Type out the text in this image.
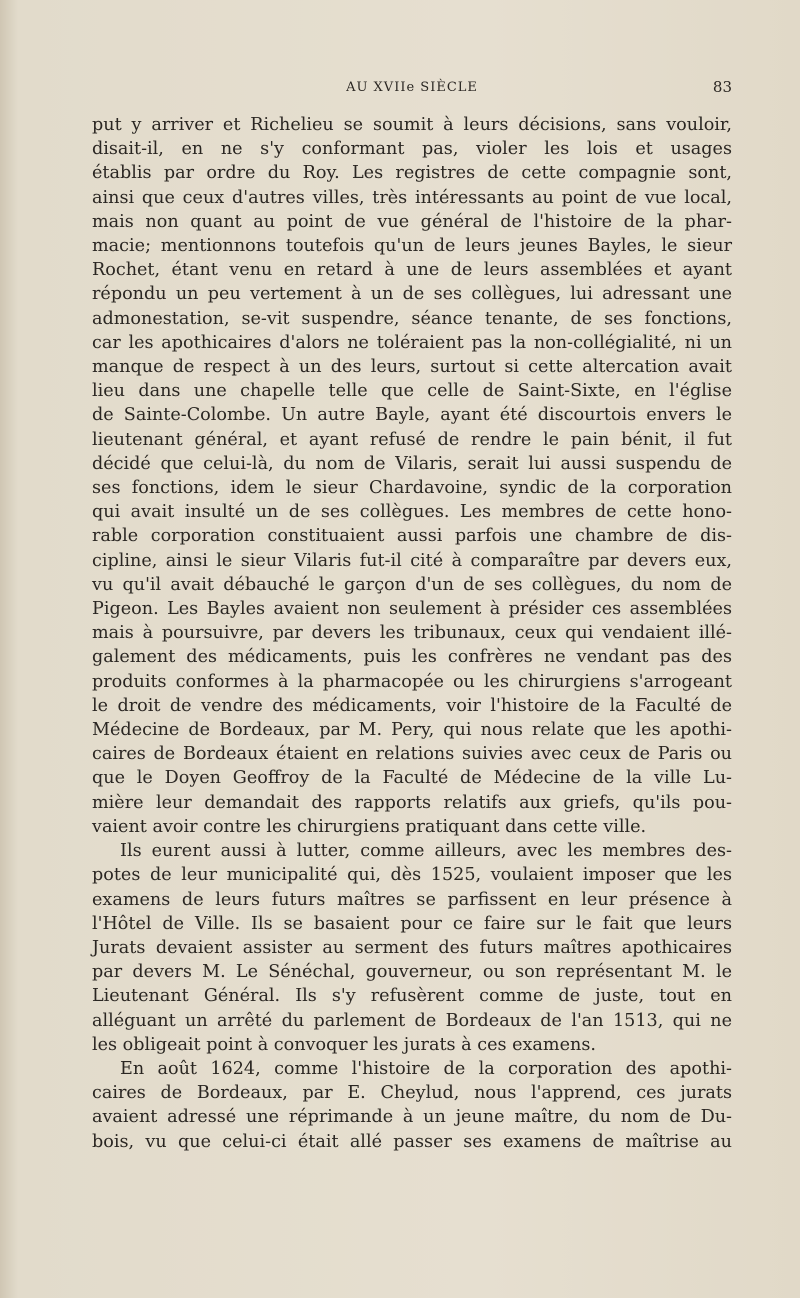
AU XVIIe SIÈCLE	83
put y arriver et Richelieu se soumit à leurs décisions, sans vouloir,
disait-il, en ne s'y conformant pas, violer les lois et usages
établis par ordre du Roy. Les registres de cette compagnie sont,
ainsi que ceux d'autres villes, très intéressants au point de vue local,
mais non quant au point de vue général de l'histoire de la phar-
macie; mentionnons toutefois qu'un de leurs jeunes Bayles, le sieur
Rochet, étant venu en retard à une de leurs assemblées et ayant
répondu un peu vertement à un de ses collègues, lui adressant une
admonestation, se-vit suspendre, séance tenante, de ses fonctions,
car les apothicaires d'alors ne toléraient pas la non-collégialité, ni un
manque de respect à un des leurs, surtout si cette altercation avait
lieu dans une chapelle telle que celle de Saint-Sixte, en l'église
de Sainte-Colombe. Un autre Bayle, ayant été discourtois envers le
lieutenant général, et ayant refusé de rendre le pain bénit, il fut
décidé que celui-là, du nom de Vilaris, serait lui aussi suspendu de
ses fonctions, idem le sieur Chardavoine, syndic de la corporation
qui avait insulté un de ses collègues. Les membres de cette hono-
rable corporation constituaient aussi parfois une chambre de dis-
cipline, ainsi le sieur Vilaris fut-il cité à comparaître par devers eux,
vu qu'il avait débauché le garçon d'un de ses collègues, du nom de
Pigeon. Les Bayles avaient non seulement à présider ces assemblées
mais à poursuivre, par devers les tribunaux, ceux qui vendaient illé-
galement des médicaments, puis les confrères ne vendant pas des
produits conformes à la pharmacopée ou les chirurgiens s'arrogeant
le droit de vendre des médicaments, voir l'histoire de la Faculté de
Médecine de Bordeaux, par M. Pery, qui nous relate que les apothi-
caires de Bordeaux étaient en relations suivies avec ceux de Paris ou
que le Doyen Geoffroy de la Faculté de Médecine de la ville Lu-
mière leur demandait des rapports relatifs aux griefs, qu'ils pou-
vaient avoir contre les chirurgiens pratiquant dans cette ville.
Ils eurent aussi à lutter, comme ailleurs, avec les membres des-
potes de leur municipalité qui, dès 1525, voulaient imposer que les
examens de leurs futurs maîtres se parfissent en leur présence à
l'Hôtel de Ville. Ils se basaient pour ce faire sur le fait que leurs
Jurats devaient assister au serment des futurs maîtres apothicaires
par devers M. Le Sénéchal, gouverneur, ou son représentant M. le
Lieutenant Général. Ils s'y refusèrent comme de juste, tout en
alléguant un arrêté du parlement de Bordeaux de l'an 1513, qui ne
les obligeait point à convoquer les jurats à ces examens.
En août 1624, comme l'histoire de la corporation des apothi-
caires de Bordeaux, par E. Cheylud, nous l'apprend, ces jurats
avaient adressé une réprimande à un jeune maître, du nom de Du-
bois, vu que celui-ci était allé passer ses examens de maîtrise au
